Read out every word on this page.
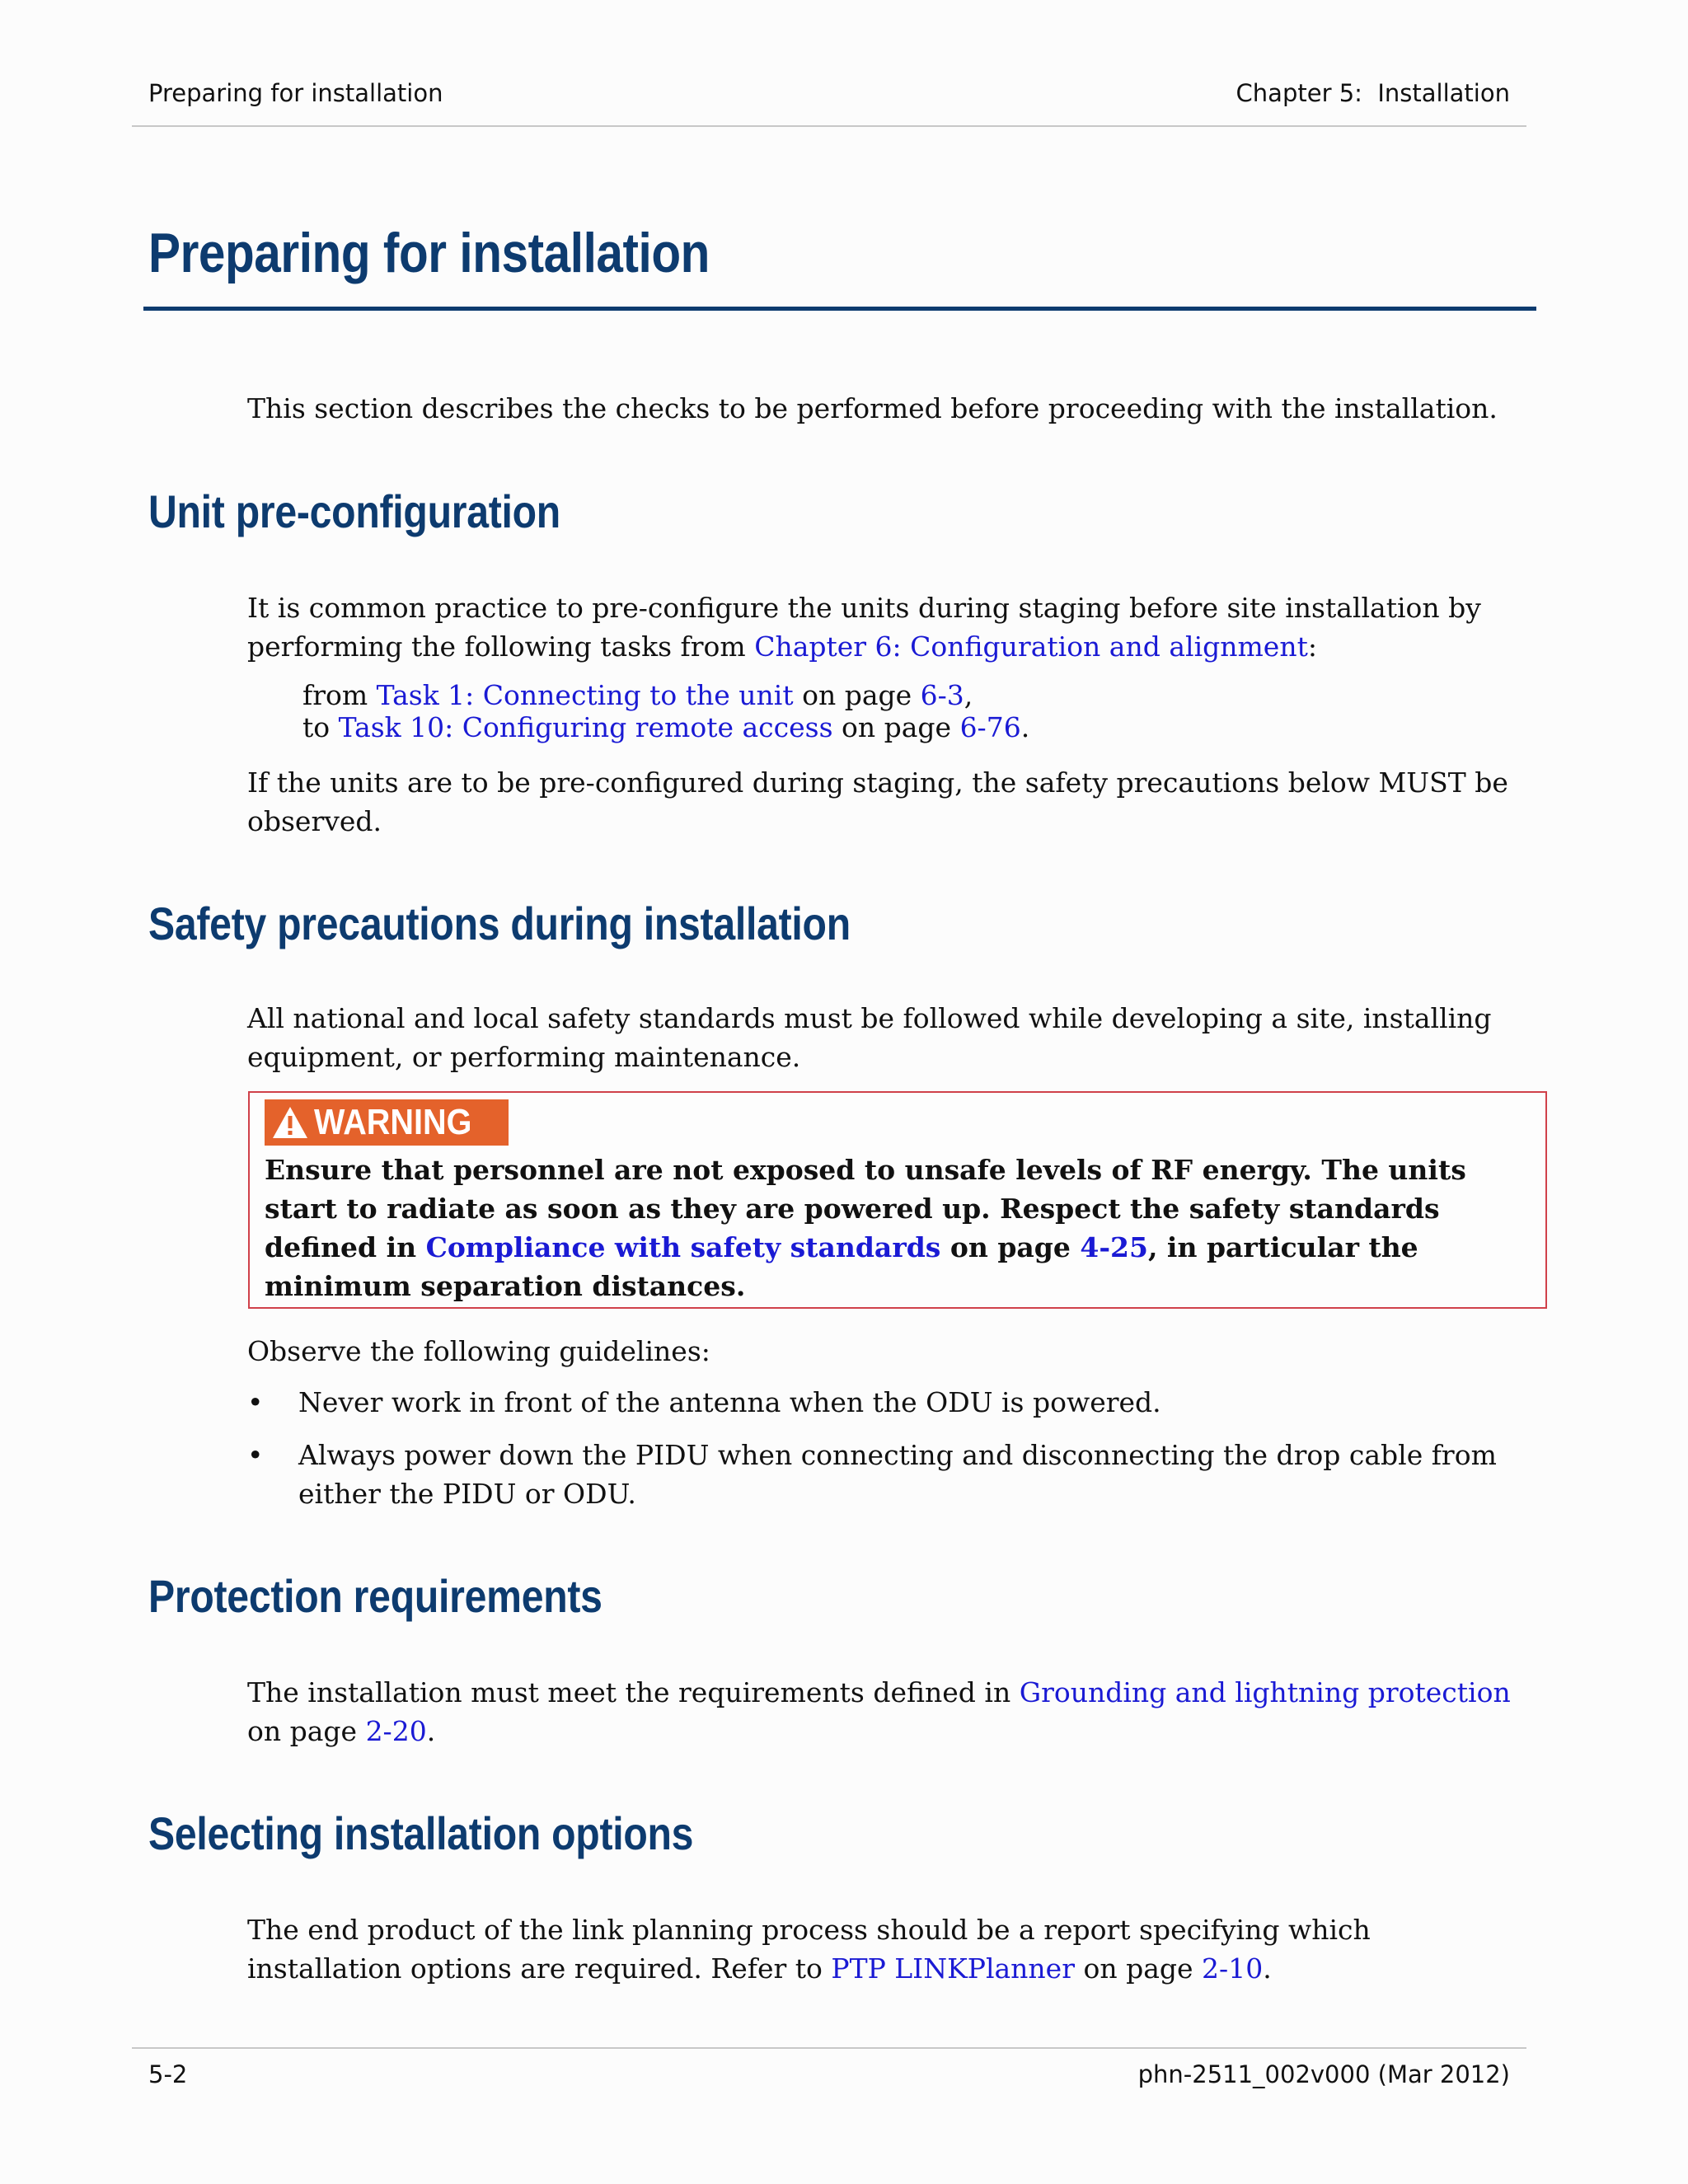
Preparing for installation	Chapter 5:  Installation
Preparing for installation

This section describes the checks to be performed before proceeding with the installation.

Unit pre-configuration

It is common practice to pre-configure the units during staging before site installation by performing the following tasks from Chapter 6: Configuration and alignment:

from Task 1: Connecting to the unit on page 6-3,

to Task 10: Configuring remote access on page 6-76.

If the units are to be pre-configured during staging, the safety precautions below MUST be observed.

Safety precautions during installation

All national and local safety standards must be followed while developing a site, installing equipment, or performing maintenance.

WARNING

Ensure that personnel are not exposed to unsafe levels of RF energy. The units start to radiate as soon as they are powered up. Respect the safety standards defined in Compliance with safety standards on page 4-25, in particular the minimum separation distances.

Observe the following guidelines:

• Never work in front of the antenna when the ODU is powered.
• Always power down the PIDU when connecting and disconnecting the drop cable from either the PIDU or ODU.
Protection requirements

The installation must meet the requirements defined in Grounding and lightning protection on page 2-20.

Selecting installation options

The end product of the link planning process should be a report specifying which installation options are required. Refer to PTP LINKPlanner on page 2-10.

5-2	phn-2511_002v000 (Mar 2012)
